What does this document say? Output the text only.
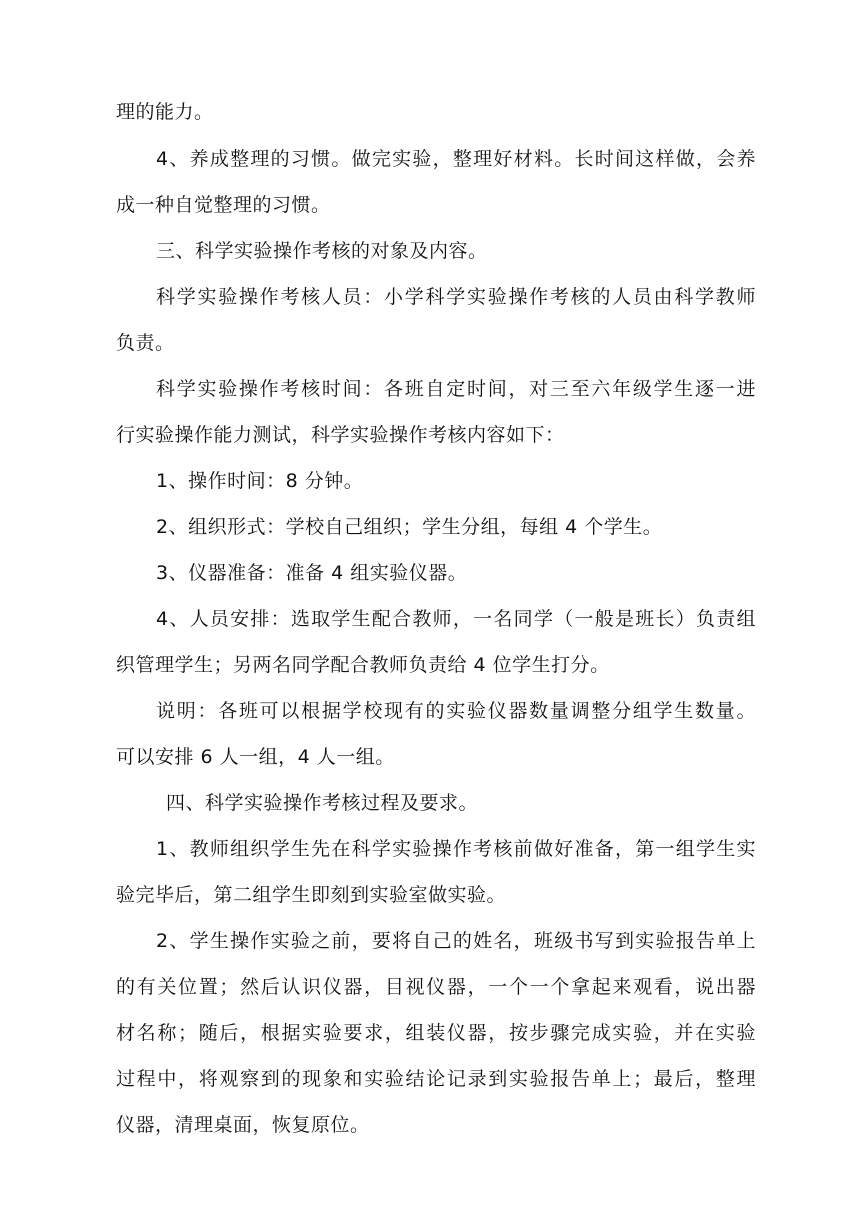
理的能力。
4、养成整理的习惯。做完实验，整理好材料。长时间这样做，会养
成一种自觉整理的习惯。
三、科学实验操作考核的对象及内容。
科学实验操作考核人员：小学科学实验操作考核的人员由科学教师
负责。
科学实验操作考核时间：各班自定时间，对三至六年级学生逐一进
行实验操作能力测试，科学实验操作考核内容如下：
1、操作时间：8 分钟。
2、组织形式：学校自己组织；学生分组，每组 4 个学生。
3、仪器准备：准备 4 组实验仪器。
4、人员安排：选取学生配合教师，一名同学（一般是班长）负责组
织管理学生；另两名同学配合教师负责给 4 位学生打分。
说明：各班可以根据学校现有的实验仪器数量调整分组学生数量。
可以安排 6 人一组，4 人一组。
四、科学实验操作考核过程及要求。
1、教师组织学生先在科学实验操作考核前做好准备，第一组学生实
验完毕后，第二组学生即刻到实验室做实验。
2、学生操作实验之前，要将自己的姓名，班级书写到实验报告单上
的有关位置；然后认识仪器，目视仪器，一个一个拿起来观看，说出器
材名称；随后，根据实验要求，组装仪器，按步骤完成实验，并在实验
过程中，将观察到的现象和实验结论记录到实验报告单上；最后，整理
仪器，清理桌面，恢复原位。
